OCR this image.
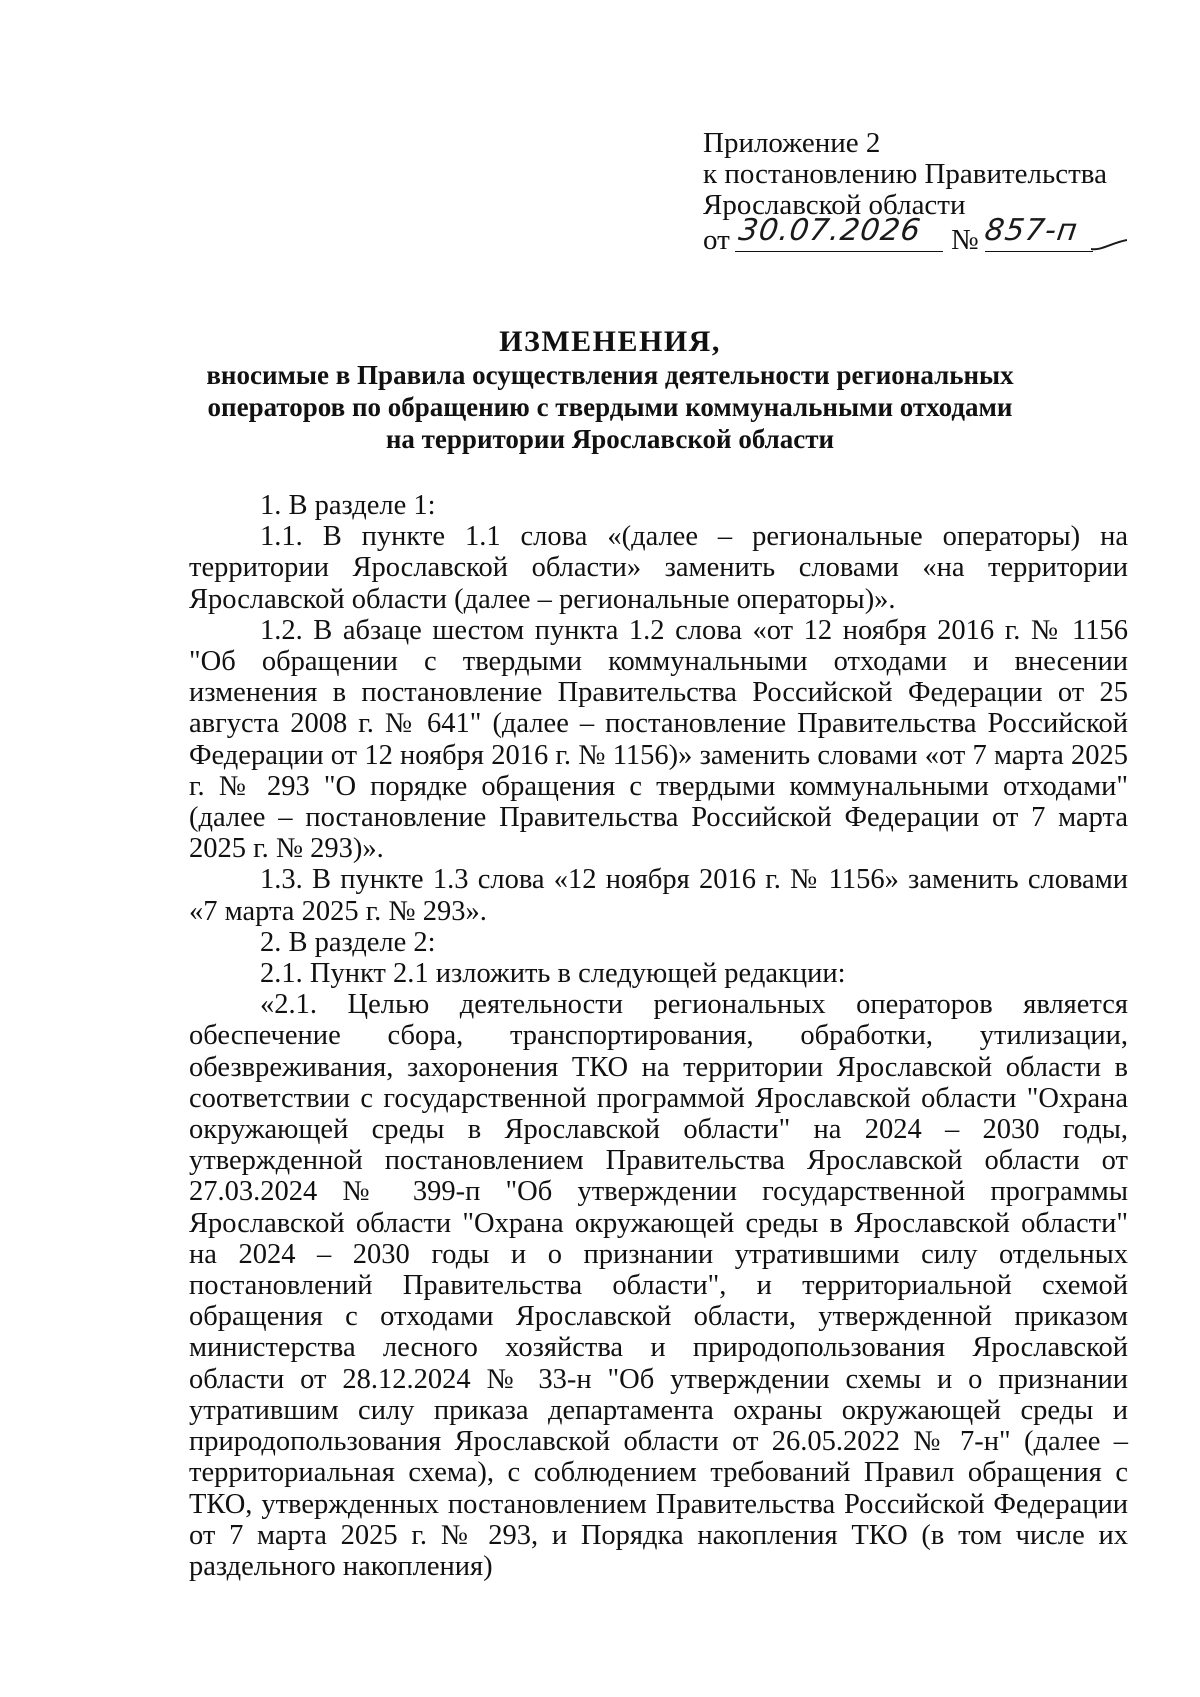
Приложение 2
к постановлению Правительства
Ярославской области
от 30.07.2026 № 857-п
ИЗМЕНЕНИЯ,
вносимые в Правила осуществления деятельности региональных
операторов по обращению с твердыми коммунальными отходами
на территории Ярославской области

1. В разделе 1:

1.1. В пункте 1.1 слова «(далее – региональные операторы) на территории Ярославской области» заменить словами «на территории Ярославской области (далее – региональные операторы)».

1.2. В абзаце шестом пункта 1.2 слова «от 12 ноября 2016 г. № 1156 "Об обращении с твердыми коммунальными отходами и внесении изменения в постановление Правительства Российской Федерации от 25 августа 2008 г. № 641" (далее – постановление Правительства Российской Федерации от 12 ноября 2016 г. № 1156)» заменить словами «от 7 марта 2025 г. № 293 "О порядке обращения с твердыми коммунальными отходами" (далее – постановление Правительства Российской Федерации от 7 марта 2025 г. № 293)».

1.3. В пункте 1.3 слова «12 ноября 2016 г. № 1156» заменить словами «7 марта 2025 г. № 293».

2. В разделе 2:

2.1. Пункт 2.1 изложить в следующей редакции:

«2.1. Целью деятельности региональных операторов является обеспечение сбора, транспортирования, обработки, утилизации, обезвреживания, захоронения ТКО на территории Ярославской области в соответствии с государственной программой Ярославской области "Охрана окружающей среды в Ярославской области" на 2024 – 2030 годы, утвержденной постановлением Правительства Ярославской области от 27.03.2024 № 399-п "Об утверждении государственной программы Ярославской области "Охрана окружающей среды в Ярославской области" на 2024 – 2030 годы и о признании утратившими силу отдельных постановлений Правительства области", и территориальной схемой обращения с отходами Ярославской области, утвержденной приказом министерства лесного хозяйства и природопользования Ярославской области от 28.12.2024 № 33-н "Об утверждении схемы и о признании утратившим силу приказа департамента охраны окружающей среды и природопользования Ярославской области от 26.05.2022 № 7-н" (далее – территориальная схема), с соблюдением требований Правил обращения с ТКО, утвержденных постановлением Правительства Российской Федерации от 7 марта 2025 г. № 293, и Порядка накопления ТКО (в том числе их раздельного накопления)
